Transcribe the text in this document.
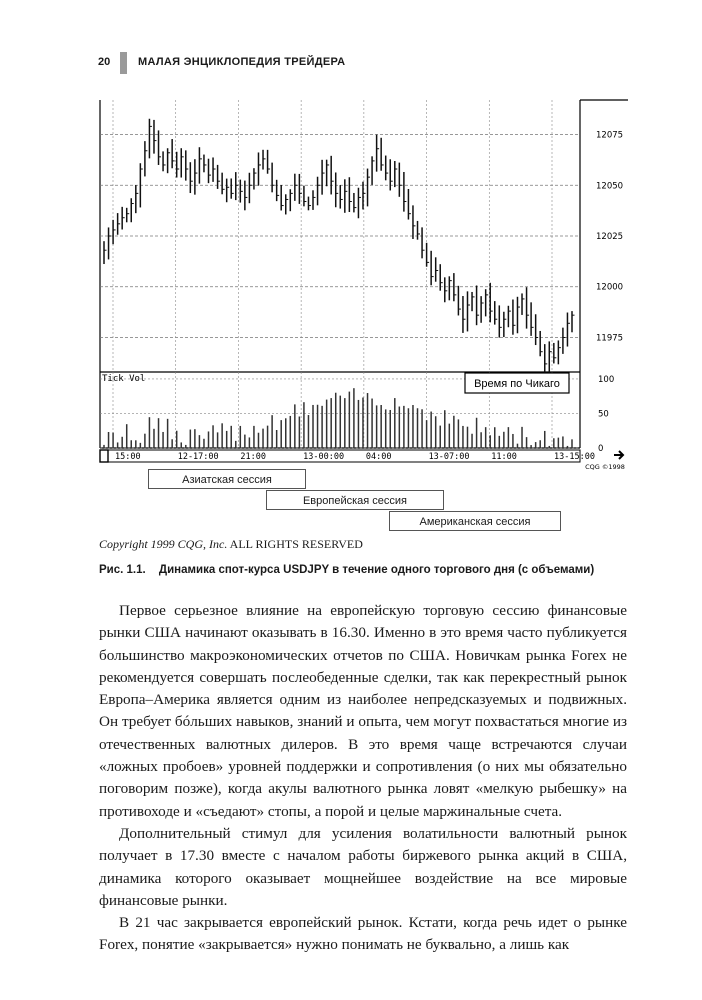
20	МАЛАЯ ЭНЦИКЛОПЕДИЯ ТРЕЙДЕРА
12075
12050
12025
12000
11975
100
50
0
15:00	12-17:00	21:00	13-00:00	04:00	13-07:00	11:00	13-15:00
Tick Vol	Время по Чикаго
CQG ©1998
Азиатская сессия
Европейская сессия
Американская сессия
Copyright 1999 CQG, Inc. ALL RIGHTS RESERVED
Рис. 1.1. Динамика спот-курса USDJPY в течение одного торгового дня (с объемами)

Первое серьезное влияние на европейскую торговую сессию финансовые рынки США начинают оказывать в 16.30. Именно в это время часто публикуется большинство макроэкономических отчетов по США. Новичкам рынка Forex не рекомендуется совершать послеобеденные сделки, так как перекрестный рынок Европа–Америка является одним из наиболее непредсказуемых и подвижных. Он требует бóльших навыков, знаний и опыта, чем могут похвастаться многие из отечественных валютных дилеров. В это время чаще встречаются случаи «ложных пробоев» уровней поддержки и сопротивления (о них мы обязательно поговорим позже), когда акулы валютного рынка ловят «мелкую рыбешку» на противоходе и «съедают» стопы, а порой и целые маржинальные счета.

Дополнительный стимул для усиления волатильности валютный рынок получает в 17.30 вместе с началом работы биржевого рынка акций в США, динамика которого оказывает мощнейшее воздействие на все мировые финансовые рынки.

В 21 час закрывается европейский рынок. Кстати, когда речь идет о рынке Forex, понятие «закрывается» нужно понимать не буквально, а лишь как
